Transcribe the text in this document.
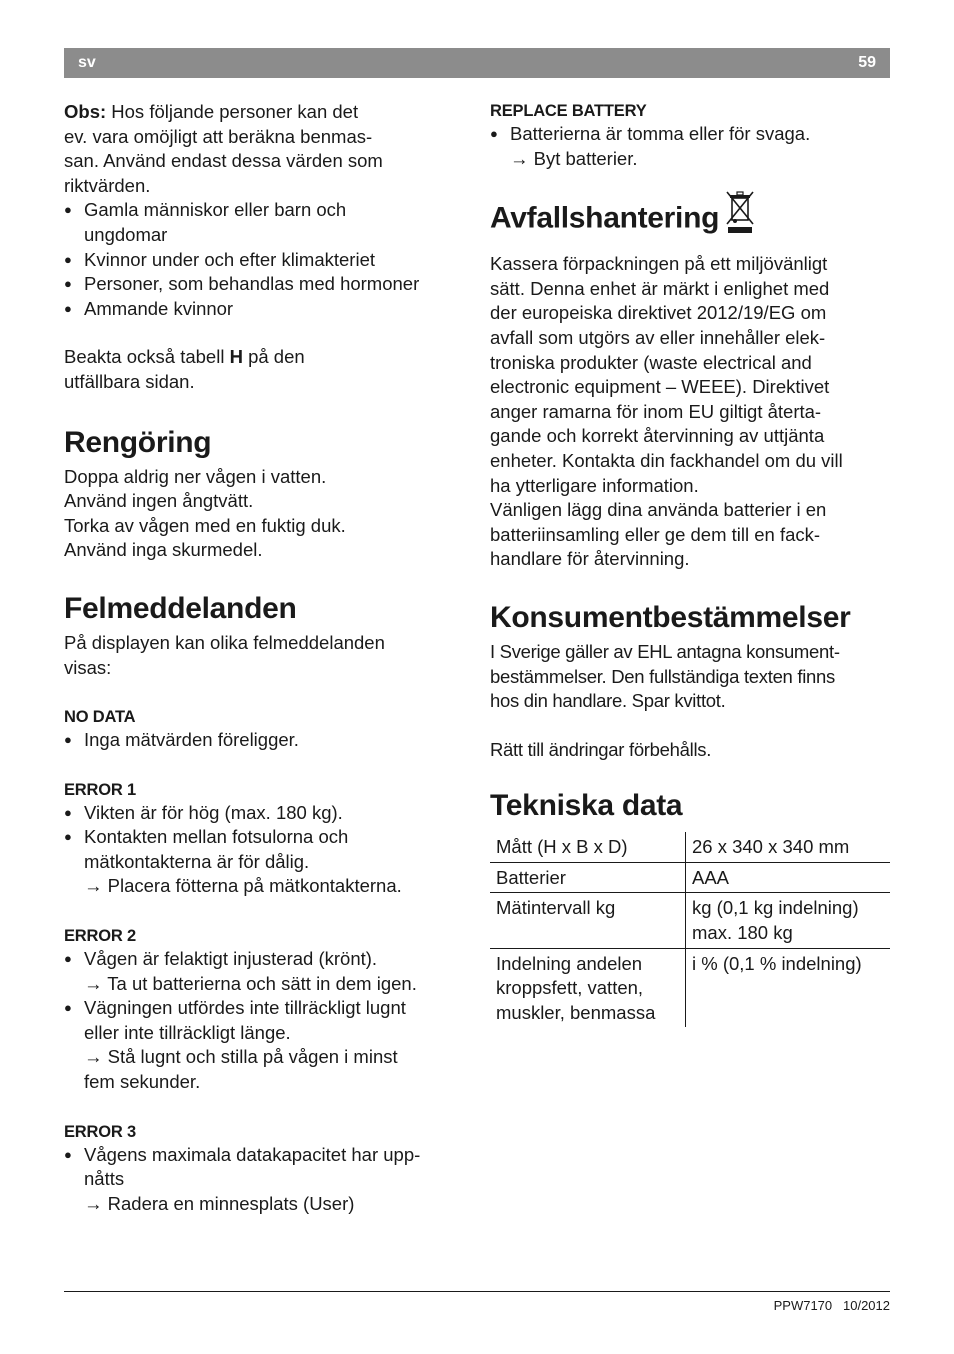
sv	59

Obs: Hos följande personer kan det

ev. vara omöjligt att beräkna benmas-

san. Använd endast dessa värden som

riktvärden.

● Gamla människor eller barn och

ungdomar

● Kvinnor under och efter klimakteriet

● Personer, som behandlas med hormoner

● Ammande kvinnor

Beakta också tabell H på den

utfällbara sidan.

Rengöring

Doppa aldrig ner vågen i vatten.

Använd ingen ångtvätt.

Torka av vågen med en fuktig duk.

Använd inga skurmedel.

Felmeddelanden

På displayen kan olika felmeddelanden

visas:

NO DATA

● Inga mätvärden föreligger.

ERROR 1

● Vikten är för hög (max. 180 kg).

● Kontakten mellan fotsulorna och

mätkontakterna är för dålig.

→ Placera fötterna på mätkontakterna.

ERROR 2

● Vågen är felaktigt injusterad (krönt).

→ Ta ut batterierna och sätt in dem igen.

● Vägningen utfördes inte tillräckligt lugnt

eller inte tillräckligt länge.

→ Stå lugnt och stilla på vågen i minst

fem sekunder.

ERROR 3

● Vågens maximala datakapacitet har upp-

nåtts

→ Radera en minnesplats (User)

REPLACE BATTERY

● Batterierna är tomma eller för svaga.

→ Byt batterier.

Avfallshantering

Kassera förpackningen på ett miljövänligt

sätt. Denna enhet är märkt i enlighet med

der europeiska direktivet 2012/19/EG om

avfall som utgörs av eller innehåller elek-

troniska produkter (waste electrical and

electronic equipment – WEEE). Direktivet

anger ramarna för inom EU giltigt återta-

gande och korrekt återvinning av uttjänta

enheter. Kontakta din fackhandel om du vill

ha ytterligare information.

Vänligen lägg dina använda batterier i en

batteriinsamling eller ge dem till en fack-

handlare för återvinning.

Konsumentbestämmelser

I Sverige gäller av EHL antagna konsument-

bestämmelser. Den fullständiga texten finns

hos din handlare. Spar kvittot.

Rätt till ändringar förbehålls.

Tekniska data
Mått (H x B x D)	26 x 340 x 340 mm
Batterier	AAA
Mätintervall kg	kg (0,1 kg indelning)
max. 180 kg
Indelning andelen
kroppsfett, vatten,
muskler, benmassa	i % (0,1 % indelning)
PPW7170 10/2012
